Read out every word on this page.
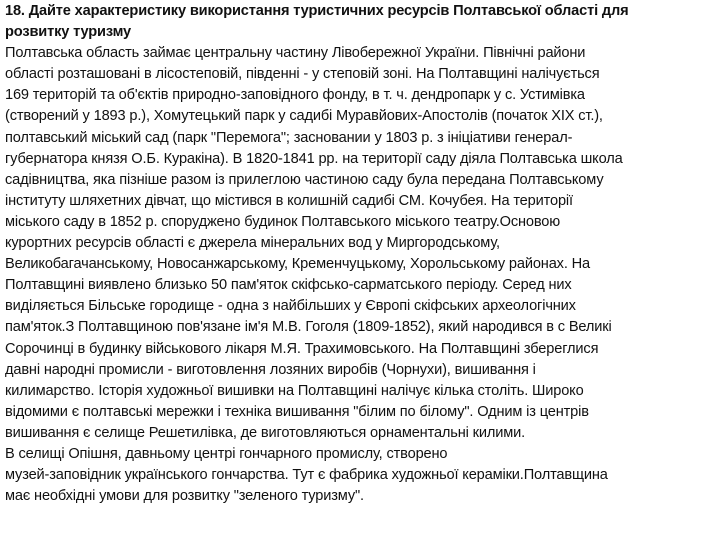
18. Дайте характеристику використання туристичних ресурсів Полтавської області для
розвитку туризму
Полтавська область займає центральну частину Лівобережної України. Північні райони
області розташовані в лісостеповій, південні - у степовій зоні. На Полтавщині налічується
169 територій та об'єктів природно-заповідного фонду, в т. ч. дендропарк у с. Устимівка
(створений у 1893 р.), Хомутецький парк у садибі Муравйових-Апостолів (початок XIX ст.),
полтавський міський сад (парк "Перемога"; засновании у 1803 р. з ініціативи генерал-
губернатора князя О.Б. Куракіна). В 1820-1841 рр. на території саду діяла Полтавська школа
садівництва, яка пізніше разом із прилеглою частиною саду була передана Полтавському
інституту шляхетних дівчат, що містився в колишній садибі СМ. Кочубея. На території
міського саду в 1852 р. споруджено будинок Полтавського міського театру.Основою
курортних ресурсів області є джерела мінеральних вод у Миргородському,
Великобагачанському, Новосанжарському, Кременчуцькому, Хорольському районах. На
Полтавщині виявлено близько 50 пам'яток скіфсько-сарматського періоду. Серед них
виділяється Більське городище - одна з найбільших у Європі скіфських археологічних
пам'яток.З Полтавщиною пов'язане ім'я М.В. Гоголя (1809-1852), який народився в с Великі
Сорочинці в будинку військового лікаря М.Я. Трахимовського. На Полтавщині збереглися
давні народні промисли - виготовлення лозяних виробів (Чорнухи), вишивання і
килимарство. Історія художньої вишивки на Полтавщині налічує кілька століть. Широко
відомими є полтавські мережки і техніка вишивання "білим по білому". Одним із центрів
вишивання є селище Решетилівка, де виготовляються орнаментальні килими.
В селищі Опішня, давньому центрі гончарного промислу, створено
музей-заповідник українського гончарства. Тут є фабрика художньої кераміки.Полтавщина
має необхідні умови для розвитку "зеленого туризму".
